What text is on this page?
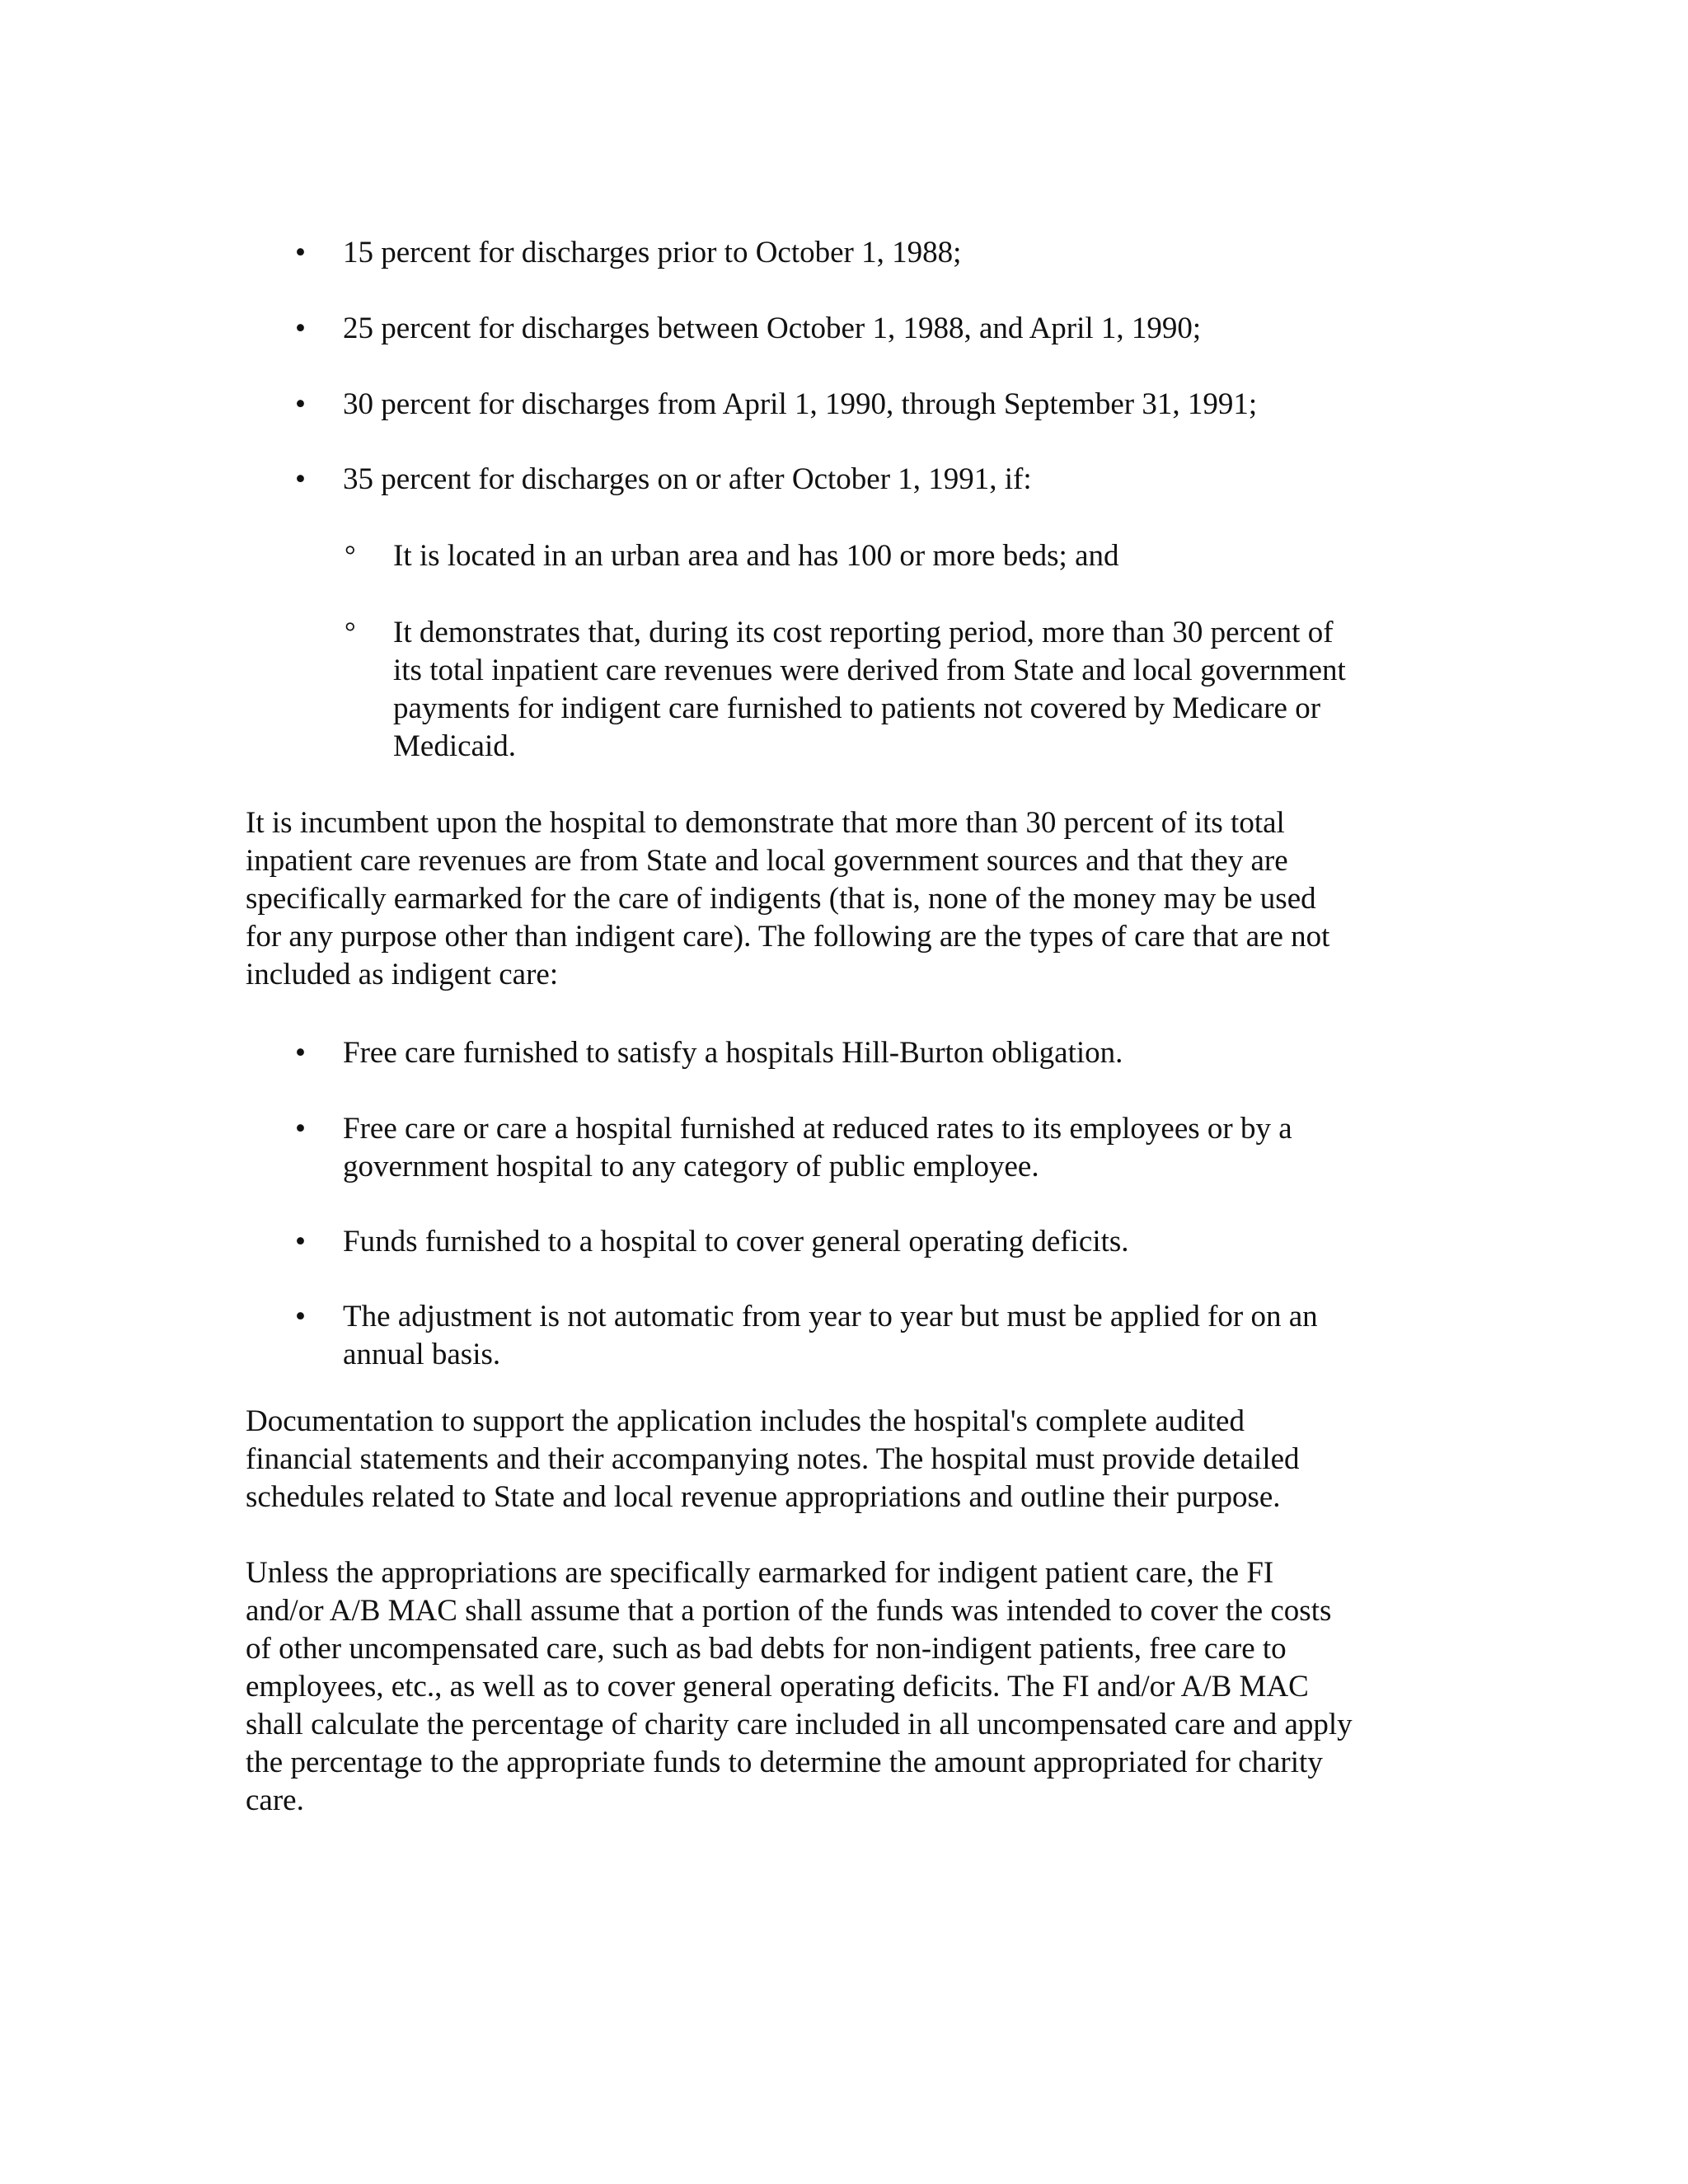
• 15 percent for discharges prior to October 1, 1988;
• 25 percent for discharges between October 1, 1988, and April 1, 1990;
• 30 percent for discharges from April 1, 1990, through September 31, 1991;
• 35 percent for discharges on or after October 1, 1991, if:
° It is located in an urban area and has 100 or more beds; and
° It demonstrates that, during its cost reporting period, more than 30 percent of
its total inpatient care revenues were derived from State and local government
payments for indigent care furnished to patients not covered by Medicare or
Medicaid.
It is incumbent upon the hospital to demonstrate that more than 30 percent of its total
inpatient care revenues are from State and local government sources and that they are
specifically earmarked for the care of indigents (that is, none of the money may be used
for any purpose other than indigent care). The following are the types of care that are not
included as indigent care:
• Free care furnished to satisfy a hospitals Hill-Burton obligation.
• Free care or care a hospital furnished at reduced rates to its employees or by a
government hospital to any category of public employee.
• Funds furnished to a hospital to cover general operating deficits.
• The adjustment is not automatic from year to year but must be applied for on an
annual basis.
Documentation to support the application includes the hospital's complete audited
financial statements and their accompanying notes. The hospital must provide detailed
schedules related to State and local revenue appropriations and outline their purpose.
Unless the appropriations are specifically earmarked for indigent patient care, the FI
and/or A/B MAC shall assume that a portion of the funds was intended to cover the costs
of other uncompensated care, such as bad debts for non-indigent patients, free care to
employees, etc., as well as to cover general operating deficits. The FI and/or A/B MAC
shall calculate the percentage of charity care included in all uncompensated care and apply
the percentage to the appropriate funds to determine the amount appropriated for charity
care.
